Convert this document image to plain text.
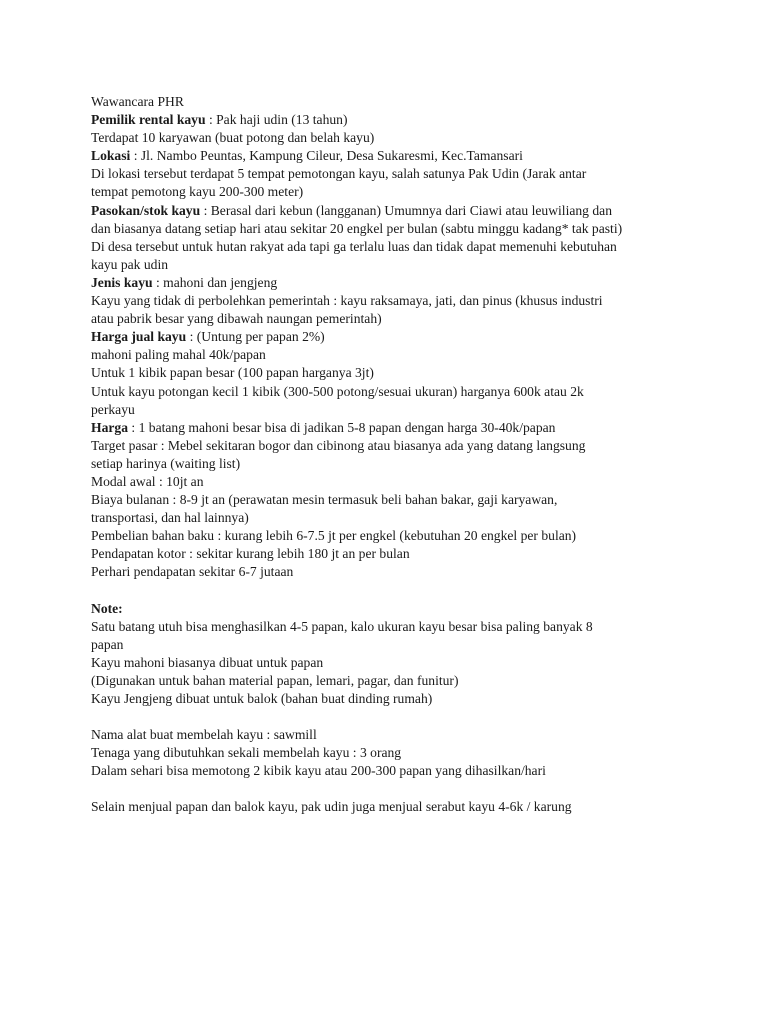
Wawancara PHR
Pemilik rental kayu : Pak haji udin (13 tahun)
Terdapat 10 karyawan (buat potong dan belah kayu)
Lokasi : Jl. Nambo Peuntas, Kampung Cileur, Desa Sukaresmi, Kec.Tamansari
Di lokasi tersebut terdapat 5 tempat pemotongan kayu, salah satunya Pak Udin (Jarak antar
tempat pemotong kayu 200-300 meter)
Pasokan/stok kayu : Berasal dari kebun (langganan) Umumnya dari Ciawi atau leuwiliang dan
dan biasanya datang setiap hari atau sekitar 20 engkel per bulan (sabtu minggu kadang* tak pasti)
Di desa tersebut untuk hutan rakyat ada tapi ga terlalu luas dan tidak dapat memenuhi kebutuhan
kayu pak udin
Jenis kayu : mahoni dan jengjeng
Kayu yang tidak di perbolehkan pemerintah : kayu raksamaya, jati, dan pinus (khusus industri
atau pabrik besar yang dibawah naungan pemerintah)
Harga jual kayu : (Untung per papan 2%)
mahoni paling mahal 40k/papan
Untuk 1 kibik papan besar (100 papan harganya 3jt)
Untuk kayu potongan kecil 1 kibik (300-500 potong/sesuai ukuran) harganya 600k atau 2k
perkayu
Harga : 1 batang mahoni besar bisa di jadikan 5-8 papan dengan harga 30-40k/papan
Target pasar : Mebel sekitaran bogor dan cibinong atau biasanya ada yang datang langsung
setiap harinya (waiting list)
Modal awal : 10jt an
Biaya bulanan : 8-9 jt an (perawatan mesin termasuk beli bahan bakar, gaji karyawan,
transportasi, dan hal lainnya)
Pembelian bahan baku : kurang lebih 6-7.5 jt per engkel (kebutuhan 20 engkel per bulan)
Pendapatan kotor : sekitar kurang lebih 180 jt an per bulan
Perhari pendapatan sekitar 6-7 jutaan
Note:
Satu batang utuh bisa menghasilkan 4-5 papan, kalo ukuran kayu besar bisa paling banyak 8
papan
Kayu mahoni biasanya dibuat untuk papan
(Digunakan untuk bahan material papan, lemari, pagar, dan funitur)
Kayu Jengjeng dibuat untuk balok (bahan buat dinding rumah)
Nama alat buat membelah kayu : sawmill
Tenaga yang dibutuhkan sekali membelah kayu : 3 orang
Dalam sehari bisa memotong 2 kibik kayu atau 200-300 papan yang dihasilkan/hari
Selain menjual papan dan balok kayu, pak udin juga menjual serabut kayu 4-6k / karung
